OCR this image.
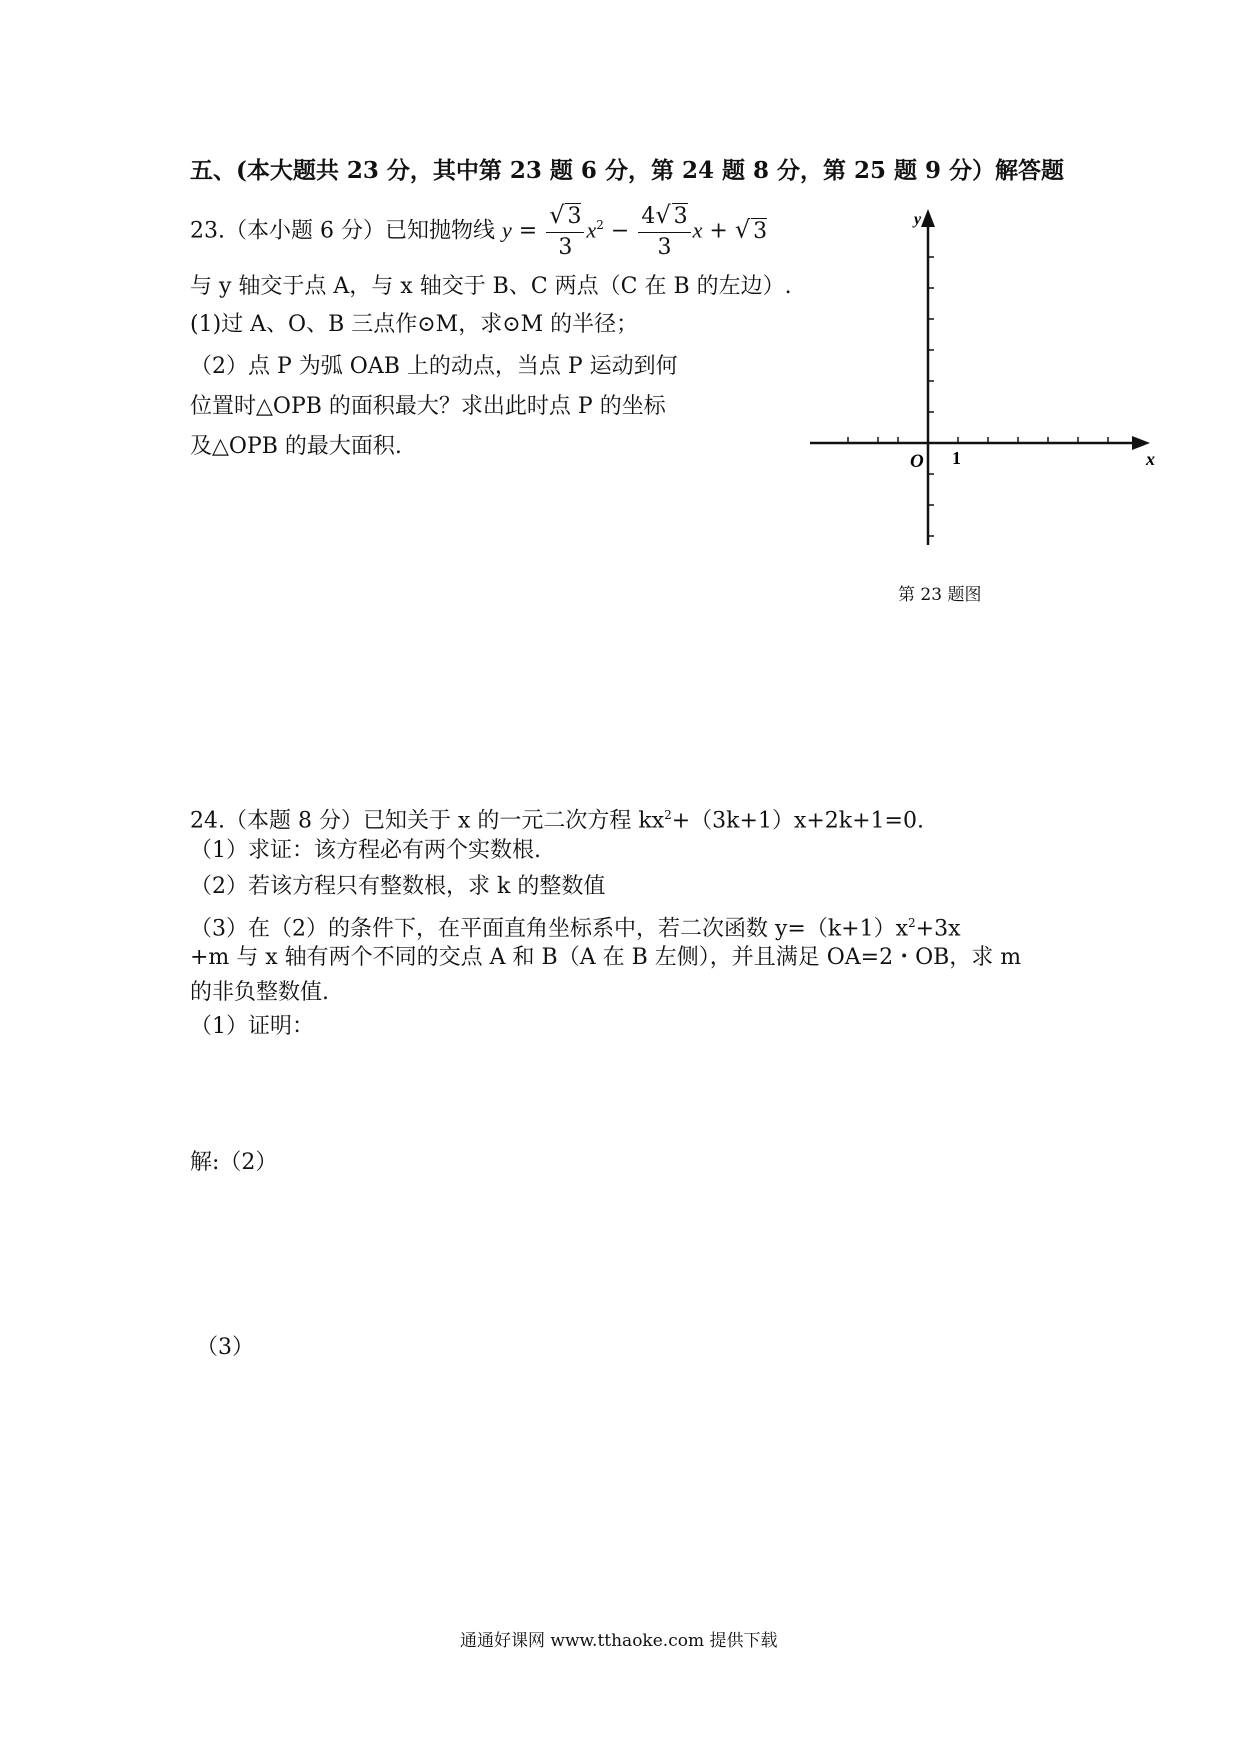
五、(本大题共 23 分，其中第 23 题 6 分，第 24 题 8 分，第 25 题 9 分）解答题
23.（本小题 6 分）已知抛物线 $y = \frac{√ 3}{3} x^2 - \frac{4√ 3}{3}$ x + √ 3
与 y 轴交于点 A，与 x 轴交于 B、C 两点（C 在 B 的左边）.
(1)过 A、O、B 三点作⊙M，求⊙M 的半径；
（2）点 P 为弧 OAB 上的动点，当点 P 运动到何
位置时△OPB 的面积最大？求出此时点 P 的坐标
及△OPB 的最大面积.
y
x
O 1
第 23 题图
24.（本题 8 分）已知关于 x 的一元二次方程 $kx^2+(3k+1)x+2k+1=0$.
（1）求证：该方程必有两个实数根.
（2）若该方程只有整数根，求 k 的整数值
（3）在（2）的条件下，在平面直角坐标系中，若二次函数 $y=(k+1)x^2+3x$
+m 与 x 轴有两个不同的交点 A 和 B（A 在 B 左侧），并且满足 OA=2・OB，求 m
的非负整数值.
（1）证明：
解:（2）
（3）
通通好课网 www.tthaoke.com 提供下载
